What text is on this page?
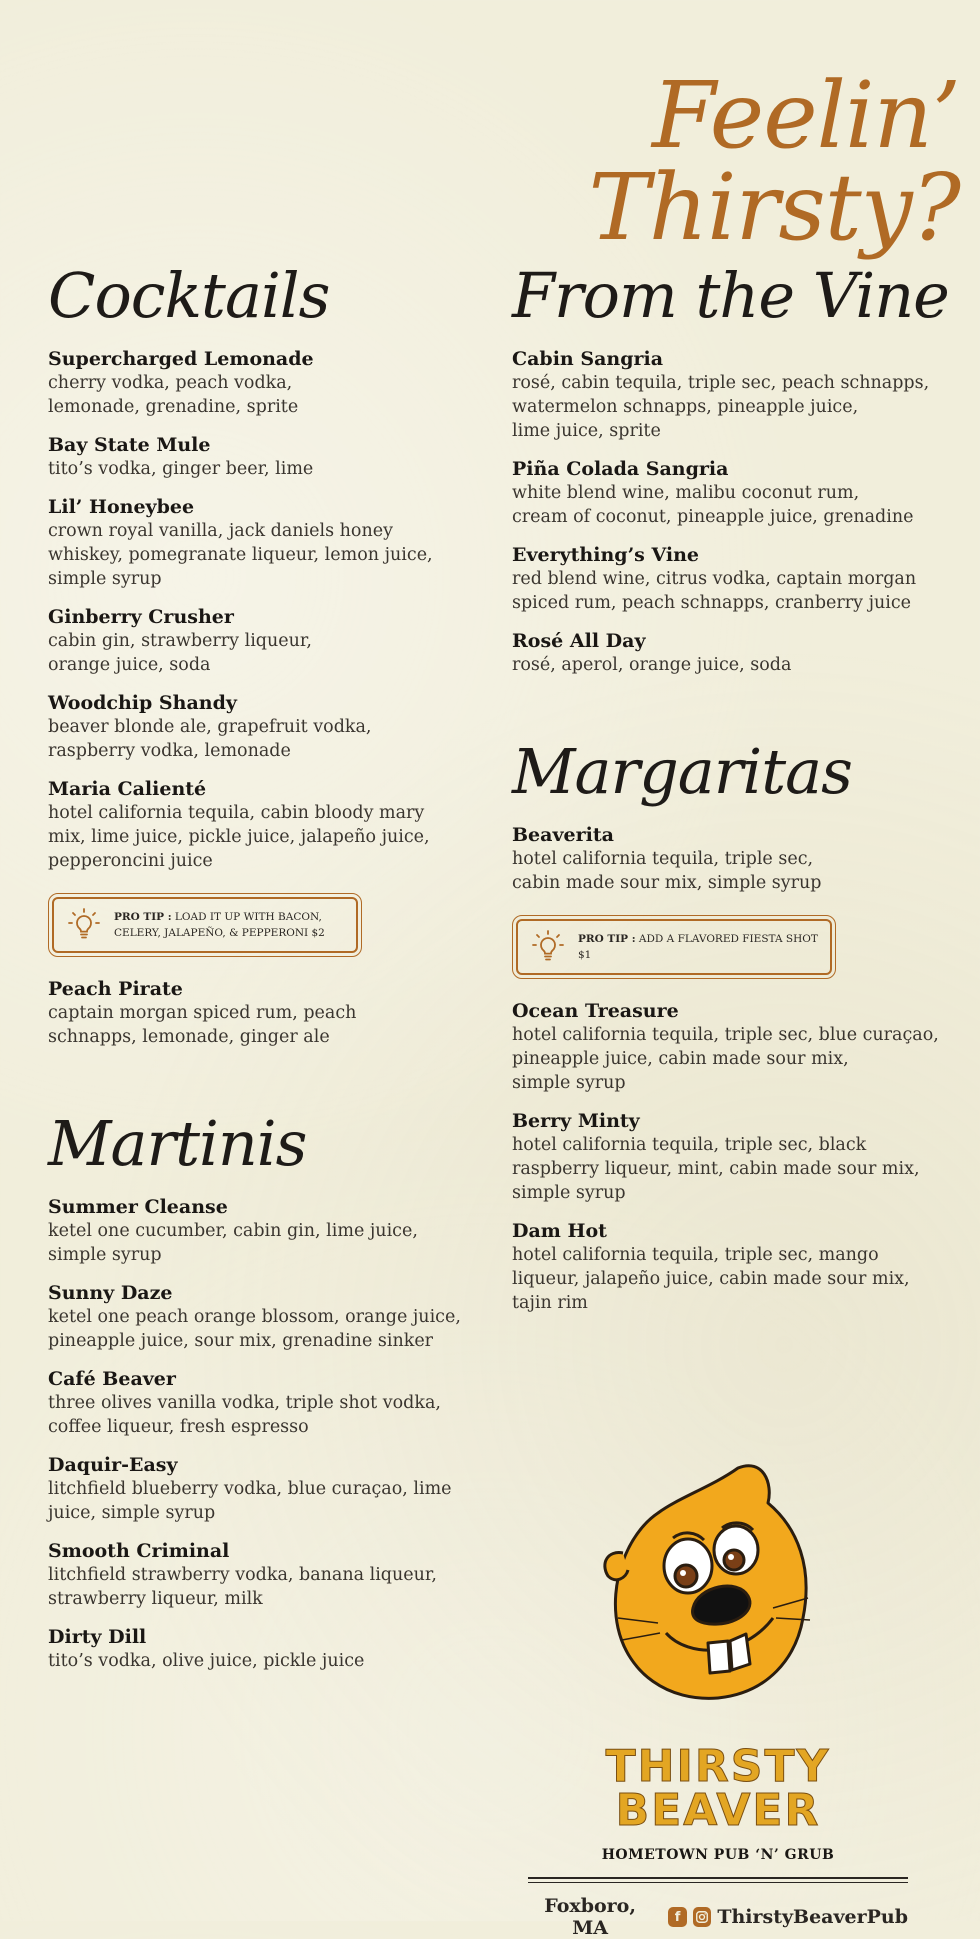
Feelin’ Thirsty?
Cocktails
Supercharged Lemonade
cherry vodka, peach vodka,
lemonade, grenadine, sprite
Bay State Mule
tito’s vodka, ginger beer, lime
Lil’ Honeybee
crown royal vanilla, jack daniels honey
whiskey, pomegranate liqueur, lemon juice,
simple syrup
Ginberry Crusher
cabin gin, strawberry liqueur,
orange juice, soda
Woodchip Shandy
beaver blonde ale, grapefruit vodka,
raspberry vodka, lemonade
Maria Calienté
hotel california tequila, cabin bloody mary
mix, lime juice, pickle juice, jalapeño juice,
pepperoncini juice
PRO TIP : LOAD IT UP WITH BACON,
CELERY, JALAPEÑO, & PEPPERONI $2
Peach Pirate
captain morgan spiced rum, peach
schnapps, lemonade, ginger ale
Martinis
Summer Cleanse
ketel one cucumber, cabin gin, lime juice,
simple syrup
Sunny Daze
ketel one peach orange blossom, orange juice,
pineapple juice, sour mix, grenadine sinker
Café Beaver
three olives vanilla vodka, triple shot vodka,
coffee liqueur, fresh espresso
Daquir-Easy
litchfield blueberry vodka, blue curaçao, lime
juice, simple syrup
Smooth Criminal
litchfield strawberry vodka, banana liqueur,
strawberry liqueur, milk
Dirty Dill
tito’s vodka, olive juice, pickle juice
From the Vine
Cabin Sangria
rosé, cabin tequila, triple sec, peach schnapps,
watermelon schnapps, pineapple juice,
lime juice, sprite
Piña Colada Sangria
white blend wine, malibu coconut rum,
cream of coconut, pineapple juice, grenadine
Everything’s Vine
red blend wine, citrus vodka, captain morgan
spiced rum, peach schnapps, cranberry juice
Rosé All Day
rosé, aperol, orange juice, soda
Margaritas
Beaverita
hotel california tequila, triple sec,
cabin made sour mix, simple syrup
PRO TIP : ADD A FLAVORED FIESTA SHOT $1
Ocean Treasure
hotel california tequila, triple sec, blue curaçao,
pineapple juice, cabin made sour mix,
simple syrup
Berry Minty
hotel california tequila, triple sec, black
raspberry liqueur, mint, cabin made sour mix,
simple syrup
Dam Hot
hotel california tequila, triple sec, mango
liqueur, jalapeño juice, cabin made sour mix,
tajin rim
THIRSTY BEAVER
HOMETOWN PUB ‘N’ GRUB
Foxboro, MA	f	ThirstyBeaverPub
